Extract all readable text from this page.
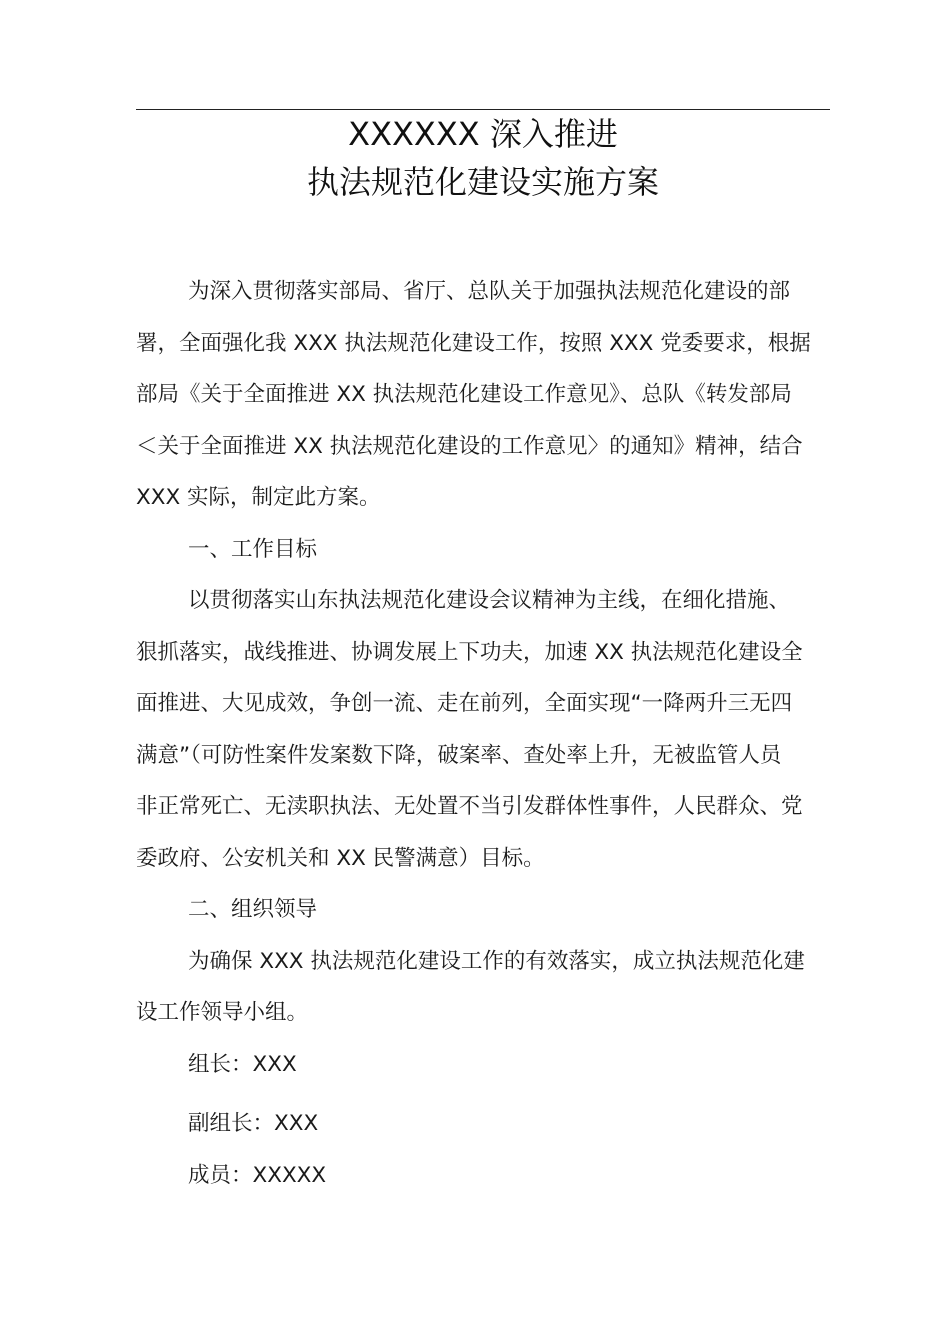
XXXXXX 深入推进
执法规范化建设实施方案
为深入贯彻落实部局、省厅、总队关于加强执法规范化建设的部
署，全面强化我 XXX 执法规范化建设工作，按照 XXX 党委要求，根据
部局《关于全面推进 XX 执法规范化建设工作意见》、总队《转发部局
＜关于全面推进 XX 执法规范化建设的工作意见〉的通知》精神，结合
XXX 实际，制定此方案。
一、工作目标
以贯彻落实山东执法规范化建设会议精神为主线，在细化措施、
狠抓落实，战线推进、协调发展上下功夫，加速 XX 执法规范化建设全
面推进、大见成效，争创一流、走在前列，全面实现“一降两升三无四
满意”（可防性案件发案数下降，破案率、查处率上升，无被监管人员
非正常死亡、无渎职执法、无处置不当引发群体性事件，人民群众、党
委政府、公安机关和 XX 民警满意）目标。
二、组织领导
为确保 XXX 执法规范化建设工作的有效落实，成立执法规范化建
设工作领导小组。
组长：XXX
副组长：XXX
成员：XXXXX
